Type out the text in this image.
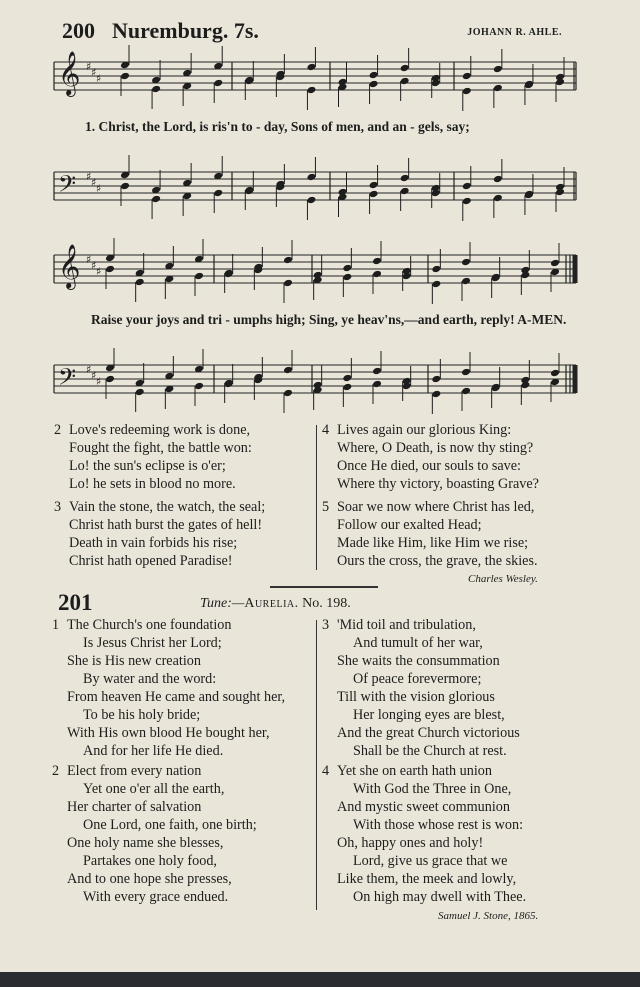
200 Nuremburg. 7s.	JOHANN R. AHLE.
𝄞 ♯ ♯ ♯
𝄢 ♯ ♯ ♯
𝄞 ♯ ♯ ♯
𝄢 ♯ ♯ ♯
1. Christ, the Lord, is ris'n to - day, Sons of men, and an - gels, say;
Raise your joys and tri - umphs high; Sing, ye heav'ns,—and earth, reply! A-MEN.
2 Love's redeeming work is done,
Fought the fight, the battle won:
Lo! the sun's eclipse is o'er;
Lo! he sets in blood no more.
3 Vain the stone, the watch, the seal;
Christ hath burst the gates of hell!
Death in vain forbids his rise;
Christ hath opened Paradise!
4 Lives again our glorious King:
Where, O Death, is now thy sting?
Once He died, our souls to save:
Where thy victory, boasting Grave?
5 Soar we now where Christ has led,
Follow our exalted Head;
Made like Him, like Him we rise;
Ours the cross, the grave, the skies.
Charles Wesley.
201	Tune:—Aurelia. No. 198.
1 The Church's one foundation
Is Jesus Christ her Lord;
She is His new creation
By water and the word:
From heaven He came and sought her,
To be his holy bride;
With His own blood He bought her,
And for her life He died.
2 Elect from every nation
Yet one o'er all the earth,
Her charter of salvation
One Lord, one faith, one birth;
One holy name she blesses,
Partakes one holy food,
And to one hope she presses,
With every grace endued.
3 'Mid toil and tribulation,
And tumult of her war,
She waits the consummation
Of peace forevermore;
Till with the vision glorious
Her longing eyes are blest,
And the great Church victorious
Shall be the Church at rest.
4 Yet she on earth hath union
With God the Three in One,
And mystic sweet communion
With those whose rest is won:
Oh, happy ones and holy!
Lord, give us grace that we
Like them, the meek and lowly,
On high may dwell with Thee.
Samuel J. Stone, 1865.
